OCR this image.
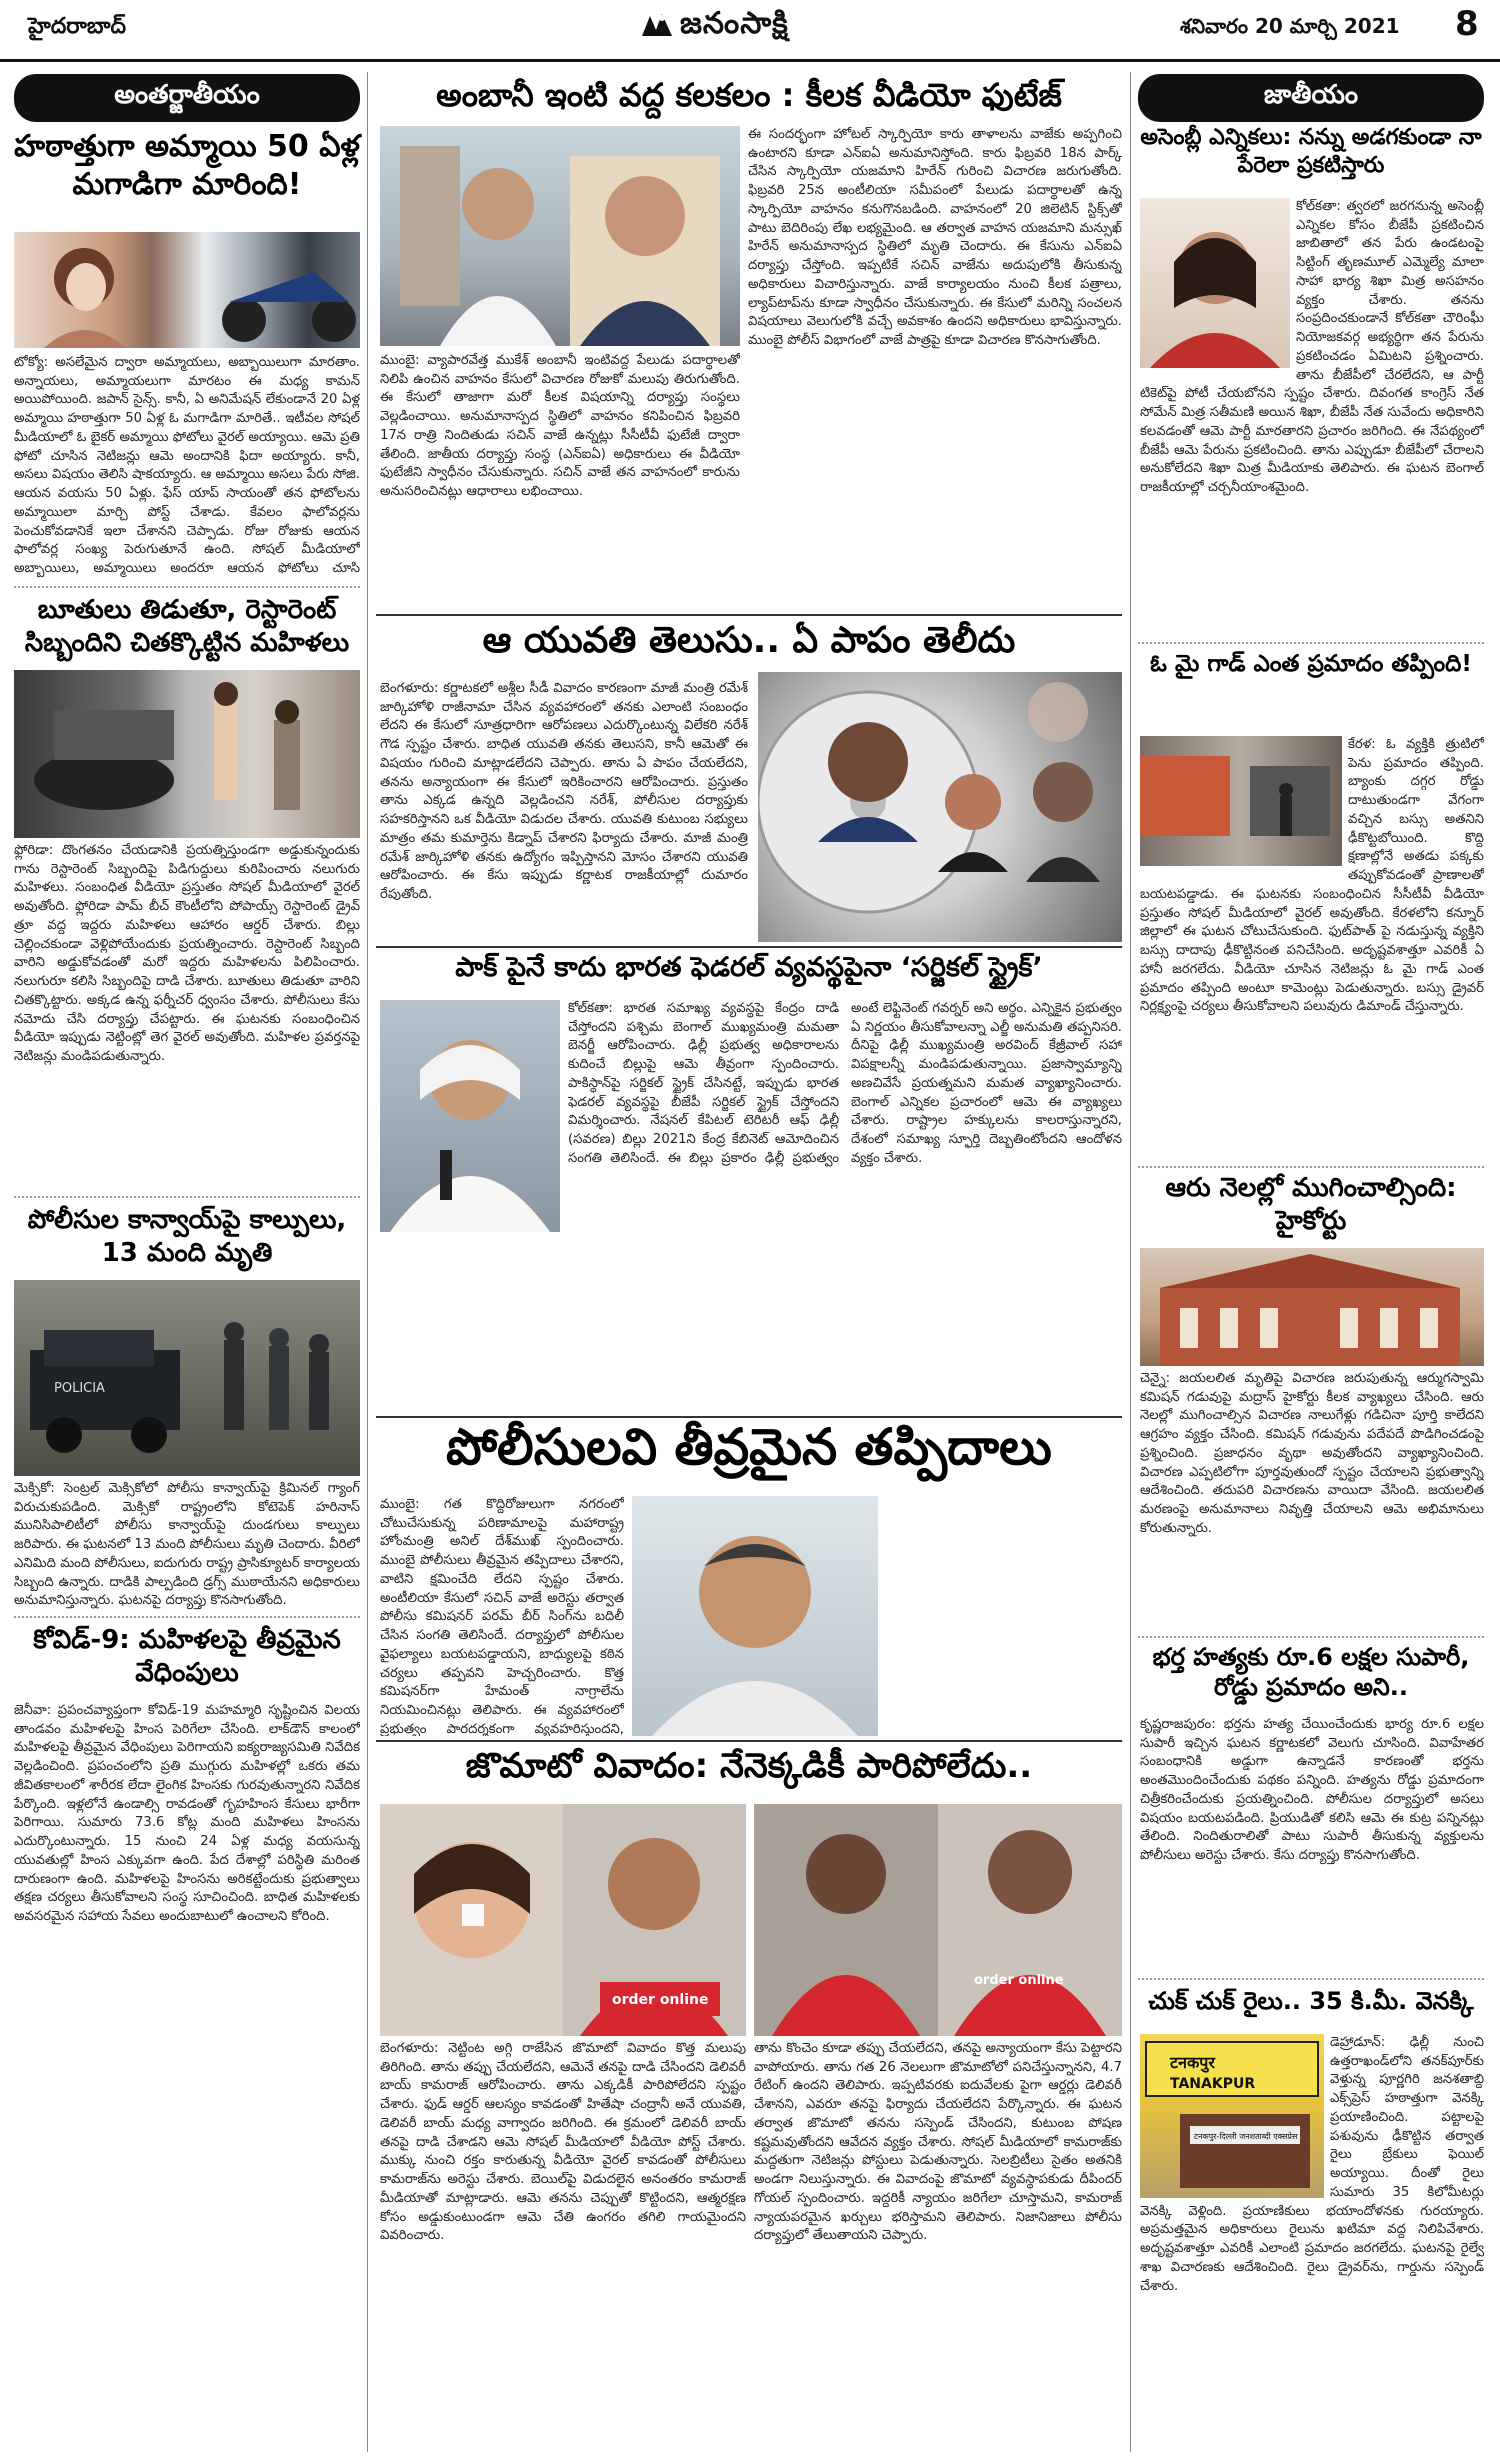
హైదరాబాద్	జనంసాక్షి	శనివారం 20 మార్చి 2021 8
అంతర్జాతీయం
హఠాత్తుగా అమ్మాయి 50 ఏళ్ల మగాడిగా మారింది!
టోక్యో: అసలేమైన ద్వారా అమ్మాయలు, అబ్బాయిలుగా మారతాం. అన్నాయలు, అమ్మాయలుగా మారటం ఈ మధ్య కామన్ అయిపోయింది. జపాన్ సైన్స్. కానీ, ఏ అనిమేషన్ లేకుండానే 20 ఏళ్ల అమ్మాయి హఠాత్తుగా 50 ఏళ్ల ఓ మగాడిగా మారితే.. ఇటీవల సోషల్ మీడియాలో ఓ బైకర్ అమ్మాయి ఫోటోలు వైరల్ అయ్యాయి. ఆమె ప్రతి ఫోటో చూసిన నెటిజన్లు ఆమె అందానికి ఫిదా అయ్యారు. కానీ, అసలు విషయం తెలిసి షాకయ్యారు. ఆ అమ్మాయి అసలు పేరు సోజి. ఆయన వయసు 50 ఏళ్లు. ఫేస్ యాప్ సాయంతో తన ఫోటోలను అమ్మాయిలా మార్చి పోస్ట్ చేశాడు. కేవలం ఫాలోవర్లను పెంచుకోవడానికే ఇలా చేశానని చెప్పాడు. రోజు రోజుకు ఆయన ఫాలోవర్ల సంఖ్య పెరుగుతూనే ఉంది. సోషల్ మీడియాలో అబ్బాయిలు, అమ్మాయిలు అందరూ ఆయన ఫోటోలు చూసి
బూతులు తిడుతూ, రెస్టారెంట్ సిబ్బందిని చితక్కొట్టిన మహిళలు
ఫ్లోరిడా: దొంగతనం చేయడానికి ప్రయత్నిస్తుండగా అడ్డుకున్నందుకు గాను రెస్టారెంట్ సిబ్బందిపై పిడిగుద్దులు కురిపించారు నలుగురు మహిళలు. సంబంధిత వీడియో ప్రస్తుతం సోషల్ మీడియాలో వైరల్ అవుతోంది. ఫ్లోరిడా పామ్ బీచ్ కౌంటీలోని పోపాయ్స్ రెస్టారెంట్ డ్రైవ్ త్రూ వద్ద ఇద్దరు మహిళలు ఆహారం ఆర్డర్ చేశారు. బిల్లు చెల్లించకుండా వెళ్లిపోయేందుకు ప్రయత్నించారు. రెస్టారెంట్ సిబ్బంది వారిని అడ్డుకోవడంతో మరో ఇద్దరు మహిళలను పిలిపించారు. నలుగురూ కలిసి సిబ్బందిపై దాడి చేశారు. బూతులు తిడుతూ వారిని చితక్కొట్టారు. అక్కడ ఉన్న ఫర్నీచర్ ధ్వంసం చేశారు. పోలీసులు కేసు నమోదు చేసి దర్యాప్తు చేపట్టారు. ఈ ఘటనకు సంబంధించిన వీడియో ఇప్పుడు నెట్టింట్లో తెగ వైరల్ అవుతోంది. మహిళల ప్రవర్తనపై నెటిజన్లు మండిపడుతున్నారు.
పోలీసుల కాన్వాయ్‌పై కాల్పులు, 13 మంది మృతి
POLICIA
మెక్సికో: సెంట్రల్ మెక్సికోలో పోలీసు కాన్వాయ్‌పై క్రిమినల్ గ్యాంగ్ విరుచుకుపడింది. మెక్సికో రాష్ట్రంలోని కోటెపెక్ హరినాస్ మునిసిపాలిటీలో పోలీసు కాన్వాయ్‌పై దుండగులు కాల్పులు జరిపారు. ఈ ఘటనలో 13 మంది పోలీసులు మృతి చెందారు. వీరిలో ఎనిమిది మంది పోలీసులు, ఐదుగురు రాష్ట్ర ప్రాసిక్యూటర్ కార్యాలయ సిబ్బంది ఉన్నారు. దాడికి పాల్పడింది డ్రగ్స్ ముఠాయేనని అధికారులు అనుమానిస్తున్నారు. ఘటనపై దర్యాప్తు కొనసాగుతోంది.
కోవిడ్‌-9: మహిళలపై తీవ్రమైన వేధింపులు
జెనీవా: ప్రపంచవ్యాప్తంగా కోవిడ్‌-19 మహమ్మారి సృష్టించిన విలయ తాండవం మహిళలపై హింస పెరిగేలా చేసింది. లాక్‌డౌన్ కాలంలో మహిళలపై తీవ్రమైన వేధింపులు పెరిగాయని ఐక్యరాజ్యసమితి నివేదిక వెల్లడించింది. ప్రపంచంలోని ప్రతి ముగ్గురు మహిళల్లో ఒకరు తమ జీవితకాలంలో శారీరక లేదా లైంగిక హింసకు గురవుతున్నారని నివేదిక పేర్కొంది. ఇళ్లలోనే ఉండాల్సి రావడంతో గృహహింస కేసులు భారీగా పెరిగాయి. సుమారు 73.6 కోట్ల మంది మహిళలు హింసను ఎదుర్కొంటున్నారు. 15 నుంచి 24 ఏళ్ల మధ్య వయసున్న యువతుల్లో హింస ఎక్కువగా ఉంది. పేద దేశాల్లో పరిస్థితి మరింత దారుణంగా ఉంది. మహిళలపై హింసను అరికట్టేందుకు ప్రభుత్వాలు తక్షణ చర్యలు తీసుకోవాలని సంస్థ సూచించింది. బాధిత మహిళలకు అవసరమైన సహాయ సేవలు అందుబాటులో ఉంచాలని కోరింది.
అంబానీ ఇంటి వద్ద కలకలం : కీలక వీడియో ఫుటేజ్‌
ముంబై: వ్యాపారవేత్త ముకేశ్‌ అంబానీ ఇంటివద్ద పేలుడు పదార్థాలతో నిలిపి ఉంచిన వాహనం కేసులో విచారణ రోజుకో మలుపు తిరుగుతోంది. ఈ కేసులో తాజాగా మరో కీలక విషయాన్ని దర్యాప్తు సంస్థలు వెల్లడించాయి. అనుమానాస్పద స్థితిలో వాహనం కనిపించిన ఫిబ్రవరి 17న రాత్రి నిందితుడు సచిన్‌ వాజే ఉన్నట్లు సీసీటీవీ ఫుటేజీ ద్వారా తేలింది. జాతీయ దర్యాప్తు సంస్థ (ఎన్‌ఐఏ) అధికారులు ఈ వీడియో ఫుటేజీని స్వాధీనం చేసుకున్నారు. సచిన్‌ వాజే తన వాహనంలో కారును అనుసరించినట్లు ఆధారాలు లభించాయి.
ఈ సందర్భంగా హోటల్ స్కార్పియో కారు తాళాలను వాజేకు అప్పగించి ఉంటారని కూడా ఎన్‌ఐఏ అనుమానిస్తోంది. కారు ఫిబ్రవరి 18న పార్క్ చేసిన స్కార్పియో యజమాని హిరేన్ గురించి విచారణ జరుగుతోంది. ఫిబ్రవరి 25న అంటీలియా సమీపంలో పేలుడు పదార్థాలతో ఉన్న స్కార్పియో వాహనం కనుగొనబడింది. వాహనంలో 20 జిలెటిన్ స్టిక్స్‌తో పాటు బెదిరింపు లేఖ లభ్యమైంది. ఆ తర్వాత వాహన యజమాని మన్సుఖ్ హిరేన్ అనుమానాస్పద స్థితిలో మృతి చెందారు. ఈ కేసును ఎన్‌ఐఏ దర్యాప్తు చేస్తోంది. ఇప్పటికే సచిన్ వాజేను అదుపులోకి తీసుకున్న అధికారులు విచారిస్తున్నారు. వాజే కార్యాలయం నుంచి కీలక పత్రాలు, ల్యాప్‌టాప్‌ను కూడా స్వాధీనం చేసుకున్నారు. ఈ కేసులో మరిన్ని సంచలన విషయాలు వెలుగులోకి వచ్చే అవకాశం ఉందని అధికారులు భావిస్తున్నారు. ముంబై పోలీస్ విభాగంలో వాజే పాత్రపై కూడా విచారణ కొనసాగుతోంది.
ఆ యువతి తెలుసు.. ఏ పాపం తెలీదు
బెంగళూరు: కర్ణాటకలో అశ్లీల సీడీ వివాదం కారణంగా మాజీ మంత్రి రమేశ్‌ జార్కిహోళి రాజీనామా చేసిన వ్యవహారంలో తనకు ఎలాంటి సంబంధం లేదని ఈ కేసులో సూత్రధారిగా ఆరోపణలు ఎదుర్కొంటున్న విలేకరి నరేశ్‌ గౌడ స్పష్టం చేశారు. బాధిత యువతి తనకు తెలుసని, కానీ ఆమెతో ఈ విషయం గురించి మాట్లాడలేదని చెప్పారు. తాను ఏ పాపం చేయలేదని, తనను అన్యాయంగా ఈ కేసులో ఇరికించారని ఆరోపించారు. ప్రస్తుతం తాను ఎక్కడ ఉన్నది వెల్లడించని నరేశ్, పోలీసుల దర్యాప్తుకు సహకరిస్తానని ఒక వీడియో విడుదల చేశారు. యువతి కుటుంబ సభ్యులు మాత్రం తమ కుమార్తెను కిడ్నాప్ చేశారని ఫిర్యాదు చేశారు. మాజీ మంత్రి రమేశ్ జార్కిహోళి తనకు ఉద్యోగం ఇప్పిస్తానని మోసం చేశారని యువతి ఆరోపించారు. ఈ కేసు ఇప్పుడు కర్ణాటక రాజకీయాల్లో దుమారం రేపుతోంది.
పాక్‌ పైనే కాదు భారత ఫెడరల్‌ వ్యవస్థపైనా ‘సర్జికల్‌ స్ట్రైక్‌’
కోల్‌కతా: భారత సమాఖ్య వ్యవస్థపై కేంద్రం దాడి చేస్తోందని పశ్చిమ బెంగాల్ ముఖ్యమంత్రి మమతా బెనర్జీ ఆరోపించారు. ఢిల్లీ ప్రభుత్వ అధికారాలను కుదించే బిల్లుపై ఆమె తీవ్రంగా స్పందించారు. పాకిస్థాన్‌పై సర్జికల్ స్ట్రైక్ చేసినట్టే, ఇప్పుడు భారత ఫెడరల్ వ్యవస్థపై బీజేపీ సర్జికల్ స్ట్రైక్ చేస్తోందని విమర్శించారు. నేషనల్ కేపిటల్ టెరిటరీ ఆఫ్ ఢిల్లీ (సవరణ) బిల్లు 2021ని కేంద్ర కేబినెట్ ఆమోదించిన సంగతి తెలిసిందే. ఈ బిల్లు ప్రకారం ఢిల్లీ ప్రభుత్వం అంటే లెఫ్టినెంట్ గవర్నర్ అని అర్థం. ఎన్నికైన ప్రభుత్వం ఏ నిర్ణయం తీసుకోవాలన్నా ఎల్జీ అనుమతి తప్పనిసరి. దీనిపై ఢిల్లీ ముఖ్యమంత్రి అరవింద్ కేజ్రీవాల్ సహా విపక్షాలన్నీ మండిపడుతున్నాయి. ప్రజాస్వామ్యాన్ని అణచివేసే ప్రయత్నమని మమత వ్యాఖ్యానించారు. బెంగాల్ ఎన్నికల ప్రచారంలో ఆమె ఈ వ్యాఖ్యలు చేశారు. రాష్ట్రాల హక్కులను కాలరాస్తున్నారని, దేశంలో సమాఖ్య స్ఫూర్తి దెబ్బతింటోందని ఆందోళన వ్యక్తం చేశారు.
పోలీసులవి తీవ్రమైన తప్పిదాలు
ముంబై: గత కొద్దిరోజులుగా నగరంలో చోటుచేసుకున్న పరిణామాలపై మహారాష్ట్ర హోంమంత్రి అనిల్ దేశ్‌ముఖ్ స్పందించారు. ముంబై పోలీసులు తీవ్రమైన తప్పిదాలు చేశారని, వాటిని క్షమించేది లేదని స్పష్టం చేశారు. అంటీలియా కేసులో సచిన్ వాజే అరెస్టు తర్వాత పోలీసు కమిషనర్ పరమ్ బీర్ సింగ్‌ను బదిలీ చేసిన సంగతి తెలిసిందే. దర్యాప్తులో పోలీసుల వైఫల్యాలు బయటపడ్డాయని, బాధ్యులపై కఠిన చర్యలు తప్పవని హెచ్చరించారు. కొత్త కమిషనర్‌గా హేమంత్ నాగ్రాలేను నియమించినట్లు తెలిపారు. ఈ వ్యవహారంలో ప్రభుత్వం పారదర్శకంగా వ్యవహరిస్తుందని,
జొమాటో వివాదం: నేనెక్కడికీ పారిపోలేదు..
order online
order online
బెంగళూరు: నెట్టింట అగ్గి రాజేసిన జొమాటో వివాదం కొత్త మలుపు తిరిగింది. తాను తప్పు చేయలేదని, ఆమెనే తనపై దాడి చేసిందని డెలివరీ బాయ్ కామరాజ్ ఆరోపించారు. తాను ఎక్కడికీ పారిపోలేదని స్పష్టం చేశారు. ఫుడ్ ఆర్డర్ ఆలస్యం కావడంతో హితేషా చంద్రానీ అనే యువతి, డెలివరీ బాయ్ మధ్య వాగ్వాదం జరిగింది. ఈ క్రమంలో డెలివరీ బాయ్ తనపై దాడి చేశాడని ఆమె సోషల్ మీడియాలో వీడియో పోస్ట్ చేశారు. ముక్కు నుంచి రక్తం కారుతున్న వీడియో వైరల్ కావడంతో పోలీసులు కామరాజ్‌ను అరెస్టు చేశారు. బెయిల్‌పై విడుదలైన అనంతరం కామరాజ్ మీడియాతో మాట్లాడారు. ఆమె తనను చెప్పుతో కొట్టిందని, ఆత్మరక్షణ కోసం అడ్డుకుంటుండగా ఆమె చేతి ఉంగరం తగిలి గాయమైందని వివరించారు.
తాను కొంచెం కూడా తప్పు చేయలేదని, తనపై అన్యాయంగా కేసు పెట్టారని వాపోయారు. తాను గత 26 నెలలుగా జొమాటోలో పనిచేస్తున్నానని, 4.7 రేటింగ్ ఉందని తెలిపారు. ఇప్పటివరకు ఐదువేలకు పైగా ఆర్డర్లు డెలివరీ చేశానని, ఎవరూ తనపై ఫిర్యాదు చేయలేదని పేర్కొన్నారు. ఈ ఘటన తర్వాత జొమాటో తనను సస్పెండ్ చేసిందని, కుటుంబ పోషణ కష్టమవుతోందని ఆవేదన వ్యక్తం చేశారు. సోషల్ మీడియాలో కామరాజ్‌కు మద్దతుగా నెటిజన్లు పోస్టులు పెడుతున్నారు. సెలబ్రిటీలు సైతం అతనికి అండగా నిలుస్తున్నారు. ఈ వివాదంపై జొమాటో వ్యవస్థాపకుడు దీపిందర్ గోయల్ స్పందించారు. ఇద్దరికీ న్యాయం జరిగేలా చూస్తామని, కామరాజ్ న్యాయపరమైన ఖర్చులు భరిస్తామని తెలిపారు. నిజానిజాలు పోలీసు దర్యాప్తులో తేలుతాయని చెప్పారు.
జాతీయం
అసెంబ్లీ ఎన్నికలు: నన్ను అడగకుండా నా పేరెలా ప్రకటిస్తారు
కోల్‌కతా: త్వరలో జరగనున్న అసెంబ్లీ ఎన్నికల కోసం బీజేపీ ప్రకటించిన జాబితాలో తన పేరు ఉండటంపై సిట్టింగ్ తృణమూల్ ఎమ్మెల్యే మాలా సాహా భార్య శిఖా మిత్ర అసహనం వ్యక్తం చేశారు. తనను సంప్రదించకుండానే కోల్‌కతా చౌరింఘీ నియోజకవర్గ అభ్యర్థిగా తన పేరును ప్రకటించడం ఏమిటని ప్రశ్నించారు. తాను బీజేపీలో చేరలేదని, ఆ పార్టీ టికెట్‌పై పోటీ చేయబోనని స్పష్టం చేశారు. దివంగత కాంగ్రెస్ నేత సోమేన్ మిత్ర సతీమణి అయిన శిఖా, బీజేపీ నేత సువేందు అధికారిని కలవడంతో ఆమె పార్టీ మారతారని ప్రచారం జరిగింది. ఈ నేపథ్యంలో బీజేపీ ఆమె పేరును ప్రకటించింది. తాను ఎప్పుడూ బీజేపీలో చేరాలని అనుకోలేదని శిఖా మిత్ర మీడియాకు తెలిపారు. ఈ ఘటన బెంగాల్ రాజకీయాల్లో చర్చనీయాంశమైంది.
ఓ మై గాడ్‌ ఎంత ప్రమాదం తప్పింది!
కేరళ: ఓ వ్యక్తికి త్రుటిలో పెను ప్రమాదం తప్పింది. బ్యాంకు దగ్గర రోడ్డు దాటుతుండగా వేగంగా వచ్చిన బస్సు అతనిని ఢీకొట్టబోయింది. కొద్ది క్షణాల్లోనే అతడు పక్కకు తప్పుకోవడంతో ప్రాణాలతో బయటపడ్డాడు. ఈ ఘటనకు సంబంధించిన సీసీటీవీ వీడియో ప్రస్తుతం సోషల్ మీడియాలో వైరల్ అవుతోంది. కేరళలోని కన్నూర్ జిల్లాలో ఈ ఘటన చోటుచేసుకుంది. ఫుట్‌పాత్ పై నడుస్తున్న వ్యక్తిని బస్సు దాదాపు ఢీకొట్టినంత పనిచేసింది. అదృష్టవశాత్తూ ఎవరికీ ఏ హానీ జరగలేదు. వీడియో చూసిన నెటిజన్లు ఓ మై గాడ్ ఎంత ప్రమాదం తప్పింది అంటూ కామెంట్లు పెడుతున్నారు. బస్సు డ్రైవర్ నిర్లక్ష్యంపై చర్యలు తీసుకోవాలని పలువురు డిమాండ్ చేస్తున్నారు.
ఆరు నెలల్లో ముగించాల్సింది: హైకోర్టు
చెన్నై: జయలలిత మృతిపై విచారణ జరుపుతున్న ఆర్ముగస్వామి కమిషన్ గడువుపై మద్రాస్ హైకోర్టు కీలక వ్యాఖ్యలు చేసింది. ఆరు నెలల్లో ముగించాల్సిన విచారణ నాలుగేళ్లు గడిచినా పూర్తి కాలేదని ఆగ్రహం వ్యక్తం చేసింది. కమిషన్ గడువును పదేపదే పొడిగించడంపై ప్రశ్నించింది. ప్రజాధనం వృథా అవుతోందని వ్యాఖ్యానించింది. విచారణ ఎప్పటిలోగా పూర్తవుతుందో స్పష్టం చేయాలని ప్రభుత్వాన్ని ఆదేశించింది. తదుపరి విచారణను వాయిదా వేసింది. జయలలిత మరణంపై అనుమానాలు నివృత్తి చేయాలని ఆమె అభిమానులు కోరుతున్నారు.
భర్త హత్యకు రూ.6 లక్షల సుపారీ, రోడ్డు ప్రమాదం అని..
కృష్ణరాజపురం: భర్తను హత్య చేయించేందుకు భార్య రూ.6 లక్షల సుపారీ ఇచ్చిన ఘటన కర్ణాటకలో వెలుగు చూసింది. వివాహేతర సంబంధానికి అడ్డుగా ఉన్నాడనే కారణంతో భర్తను అంతమొందించేందుకు పథకం పన్నింది. హత్యను రోడ్డు ప్రమాదంగా చిత్రీకరించేందుకు ప్రయత్నించింది. పోలీసుల దర్యాప్తులో అసలు విషయం బయటపడింది. ప్రియుడితో కలిసి ఆమె ఈ కుట్ర పన్నినట్లు తేలింది. నిందితురాలితో పాటు సుపారీ తీసుకున్న వ్యక్తులను పోలీసులు అరెస్టు చేశారు. కేసు దర్యాప్తు కొనసాగుతోంది.
చుక్‌ చుక్‌ రైలు.. 35 కి.మీ. వెనక్కి
टनकपुर
TANAKPUR
टनकपुर-दिल्ली जनशताब्दी एक्सप्रेस
డెహ్రాడూన్: ఢిల్లీ నుంచి ఉత్తరాఖండ్‌లోని తనక్‌పూర్‌కు వెళ్తున్న పూర్ణగిరి జనశతాబ్ది ఎక్స్‌ప్రెస్ హఠాత్తుగా వెనక్కి ప్రయాణించింది. పట్టాలపై పశువును ఢీకొట్టిన తర్వాత రైలు బ్రేకులు ఫెయిల్ అయ్యాయి. దీంతో రైలు సుమారు 35 కిలోమీటర్లు వెనక్కి వెళ్లింది. ప్రయాణికులు భయాందోళనకు గురయ్యారు. అప్రమత్తమైన అధికారులు రైలును ఖటిమా వద్ద నిలిపివేశారు. అదృష్టవశాత్తూ ఎవరికీ ఎలాంటి ప్రమాదం జరగలేదు. ఘటనపై రైల్వే శాఖ విచారణకు ఆదేశించింది. రైలు డ్రైవర్‌ను, గార్డును సస్పెండ్ చేశారు.
